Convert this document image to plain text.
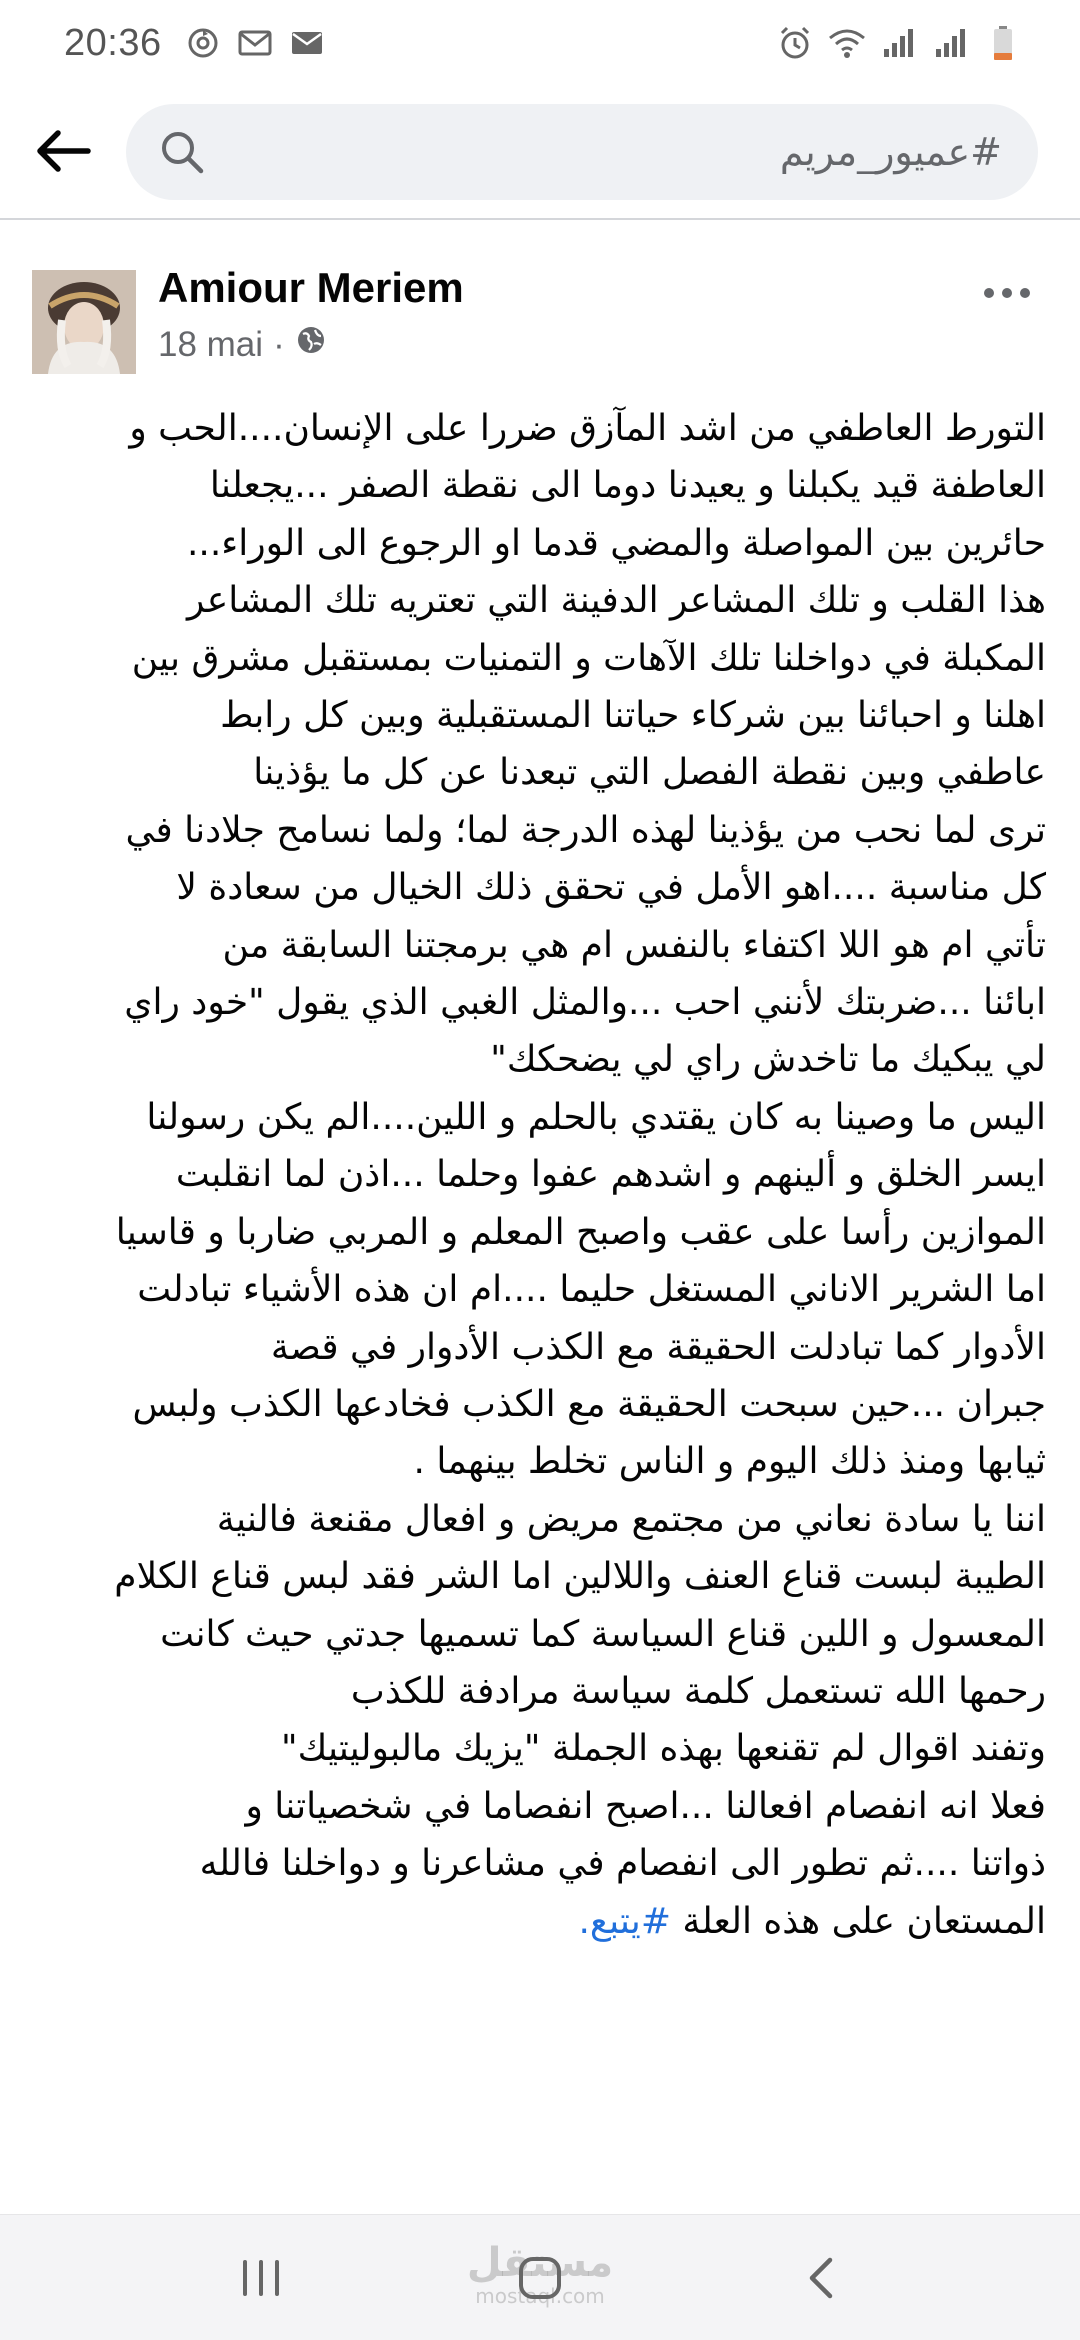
20:36
#عميور_مريم
Amiour Meriem
18 mai ·
التورط العاطفي من اشد المآزق ضررا على الإنسان....الحب و
العاطفة قيد يكبلنا و يعيدنا دوما الى نقطة الصفر ...يجعلنا
حائرين بين المواصلة والمضي قدما او الرجوع الى الوراء...
هذا القلب و تلك المشاعر الدفينة التي تعتريه تلك المشاعر
المكبلة في دواخلنا تلك الآهات و التمنيات بمستقبل مشرق بين
اهلنا و احبائنا بين شركاء حياتنا المستقبلية وبين كل رابط
عاطفي وبين نقطة الفصل التي تبعدنا عن كل ما يؤذينا
ترى لما نحب من يؤذينا لهذه الدرجة لما؛ ولما نسامح جلادنا في
كل مناسبة ....اهو الأمل في تحقق ذلك الخيال من سعادة لا
تأتي ام هو اللا اكتفاء بالنفس ام هي برمجتنا السابقة من
ابائنا ...ضربتك لأنني احب ...والمثل الغبي الذي يقول "خود راي
لي يبكيك ما تاخدش راي لي يضحكك"
اليس ما وصينا به كان يقتدي بالحلم و اللين....الم يكن رسولنا
ايسر الخلق و ألينهم و اشدهم عفوا وحلما ...اذن لما انقلبت
الموازين رأسا على عقب واصبح المعلم و المربي ضاربا و قاسيا
اما الشرير الاناني المستغل حليما ....ام ان هذه الأشياء تبادلت
الأدوار كما تبادلت الحقيقة مع الكذب الأدوار في قصة
جبران ...حين سبحت الحقيقة مع الكذب فخادعها الكذب ولبس
ثيابها ومنذ ذلك اليوم و الناس تخلط بينهما .
اننا يا سادة نعاني من مجتمع مريض و افعال مقنعة فالنية
الطيبة لبست قناع العنف واللالين اما الشر فقد لبس قناع الكلام
المعسول و اللين قناع السياسة كما تسميها جدتي حيث كانت
رحمها الله تستعمل كلمة سياسة مرادفة للكذب
وتفند اقوال لم تقنعها بهذه الجملة "يزيك مالبوليتيك"
فعلا انه انفصام افعالنا ...اصبح انفصاما في شخصياتنا و
ذواتنا ....ثم تطور الى انفصام في مشاعرنا و دواخلنا فالله
المستعان على هذه العلة #يتبع.
مستقل
mostaql.com
